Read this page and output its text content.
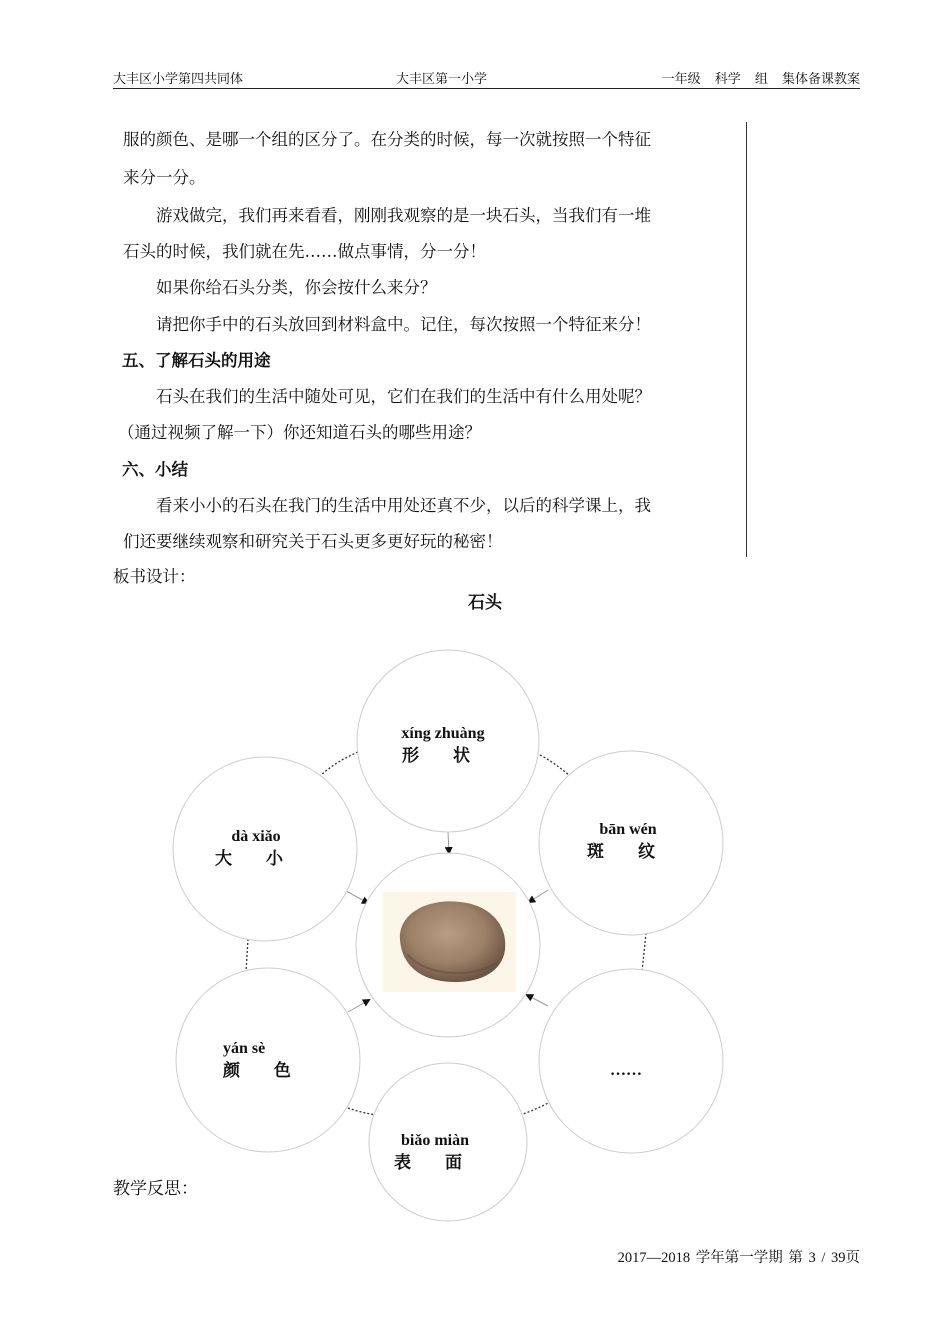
大丰区小学第四共同体	大丰区第一小学	一年级 科学 组 集体备课教案
服的颜色、是哪一个组的区分了。在分类的时候，每一次就按照一个特征
来分一分。
游戏做完，我们再来看看，刚刚我观察的是一块石头，当我们有一堆
石头的时候，我们就在先……做点事情，分一分！
如果你给石头分类，你会按什么来分？
请把你手中的石头放回到材料盒中。记住，每次按照一个特征来分！
五、了解石头的用途
石头在我们的生活中随处可见，它们在我们的生活中有什么用处呢？
（通过视频了解一下）你还知道石头的哪些用途？
六、小结
看来小小的石头在我门的生活中用处还真不少，以后的科学课上，我
们还要继续观察和研究关于石头更多更好玩的秘密！
板书设计：
石头
xíng zhuàng
形 状
bān wén
斑 纹
……
biǎo miàn
表 面
yán sè
颜 色
dà xiǎo
大 小
教学反思：
2017—2018 学年第一学期 第 3 / 39页
